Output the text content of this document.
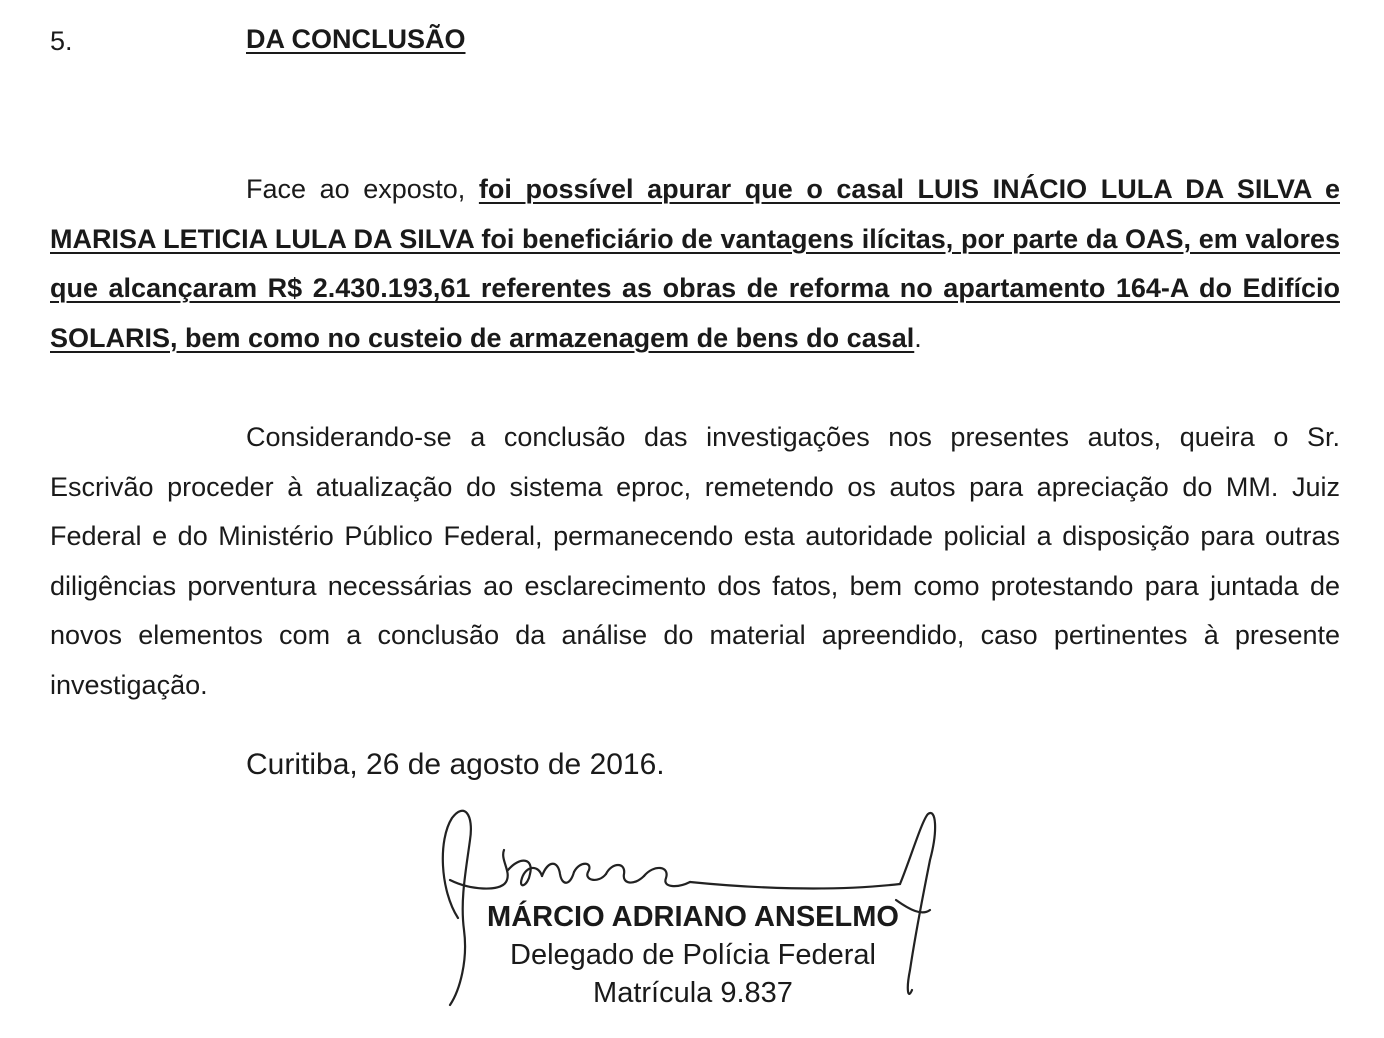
5.	DA CONCLUSÃO

Face ao exposto, foi possível apurar que o casal LUIS INÁCIO LULA DA SILVA e MARISA LETICIA LULA DA SILVA foi beneficiário de vantagens ilícitas, por parte da OAS, em valores que alcançaram R$ 2.430.193,61 referentes as obras de reforma no apartamento 164-A do Edifício SOLARIS, bem como no custeio de armazenagem de bens do casal.

Considerando-se a conclusão das investigações nos presentes autos, queira o Sr. Escrivão proceder à atualização do sistema eproc, remetendo os autos para apreciação do MM. Juiz Federal e do Ministério Público Federal, permanecendo esta autoridade policial a disposição para outras diligências porventura necessárias ao esclarecimento dos fatos, bem como protestando para juntada de novos elementos com a conclusão da análise do material apreendido, caso pertinentes à presente investigação.

Curitiba, 26 de agosto de 2016.
MÁRCIO ADRIANO ANSELMO
Delegado de Polícia Federal
Matrícula 9.837
